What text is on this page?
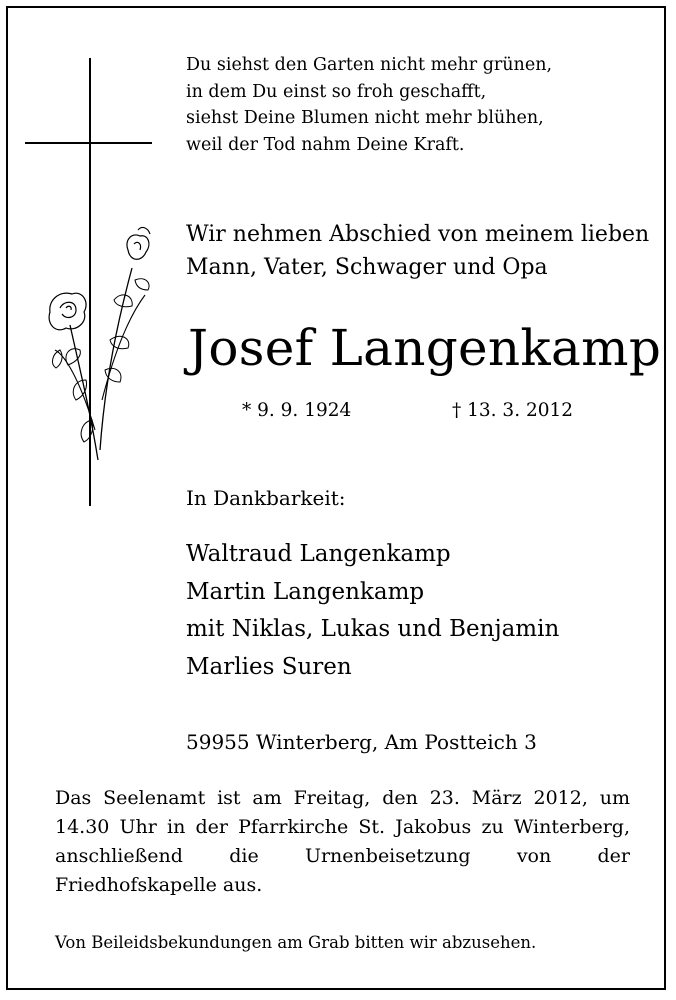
Du siehst den Garten nicht mehr grünen,
in dem Du einst so froh geschafft,
siehst Deine Blumen nicht mehr blühen,
weil der Tod nahm Deine Kraft.
Wir nehmen Abschied von meinem lieben
Mann, Vater, Schwager und Opa
Josef Langenkamp
* 9. 9. 1924	† 13. 3. 2012
In Dankbarkeit:
Waltraud Langenkamp
Martin Langenkamp
mit Niklas, Lukas und Benjamin
Marlies Suren
59955 Winterberg, Am Postteich 3
Das Seelenamt ist am Freitag, den 23. März 2012, um 14.30 Uhr in der Pfarrkirche St. Jakobus zu Winterberg, anschließend die Urnenbeisetzung von der Friedhofskapelle aus.
Von Beileidsbekundungen am Grab bitten wir abzusehen.
